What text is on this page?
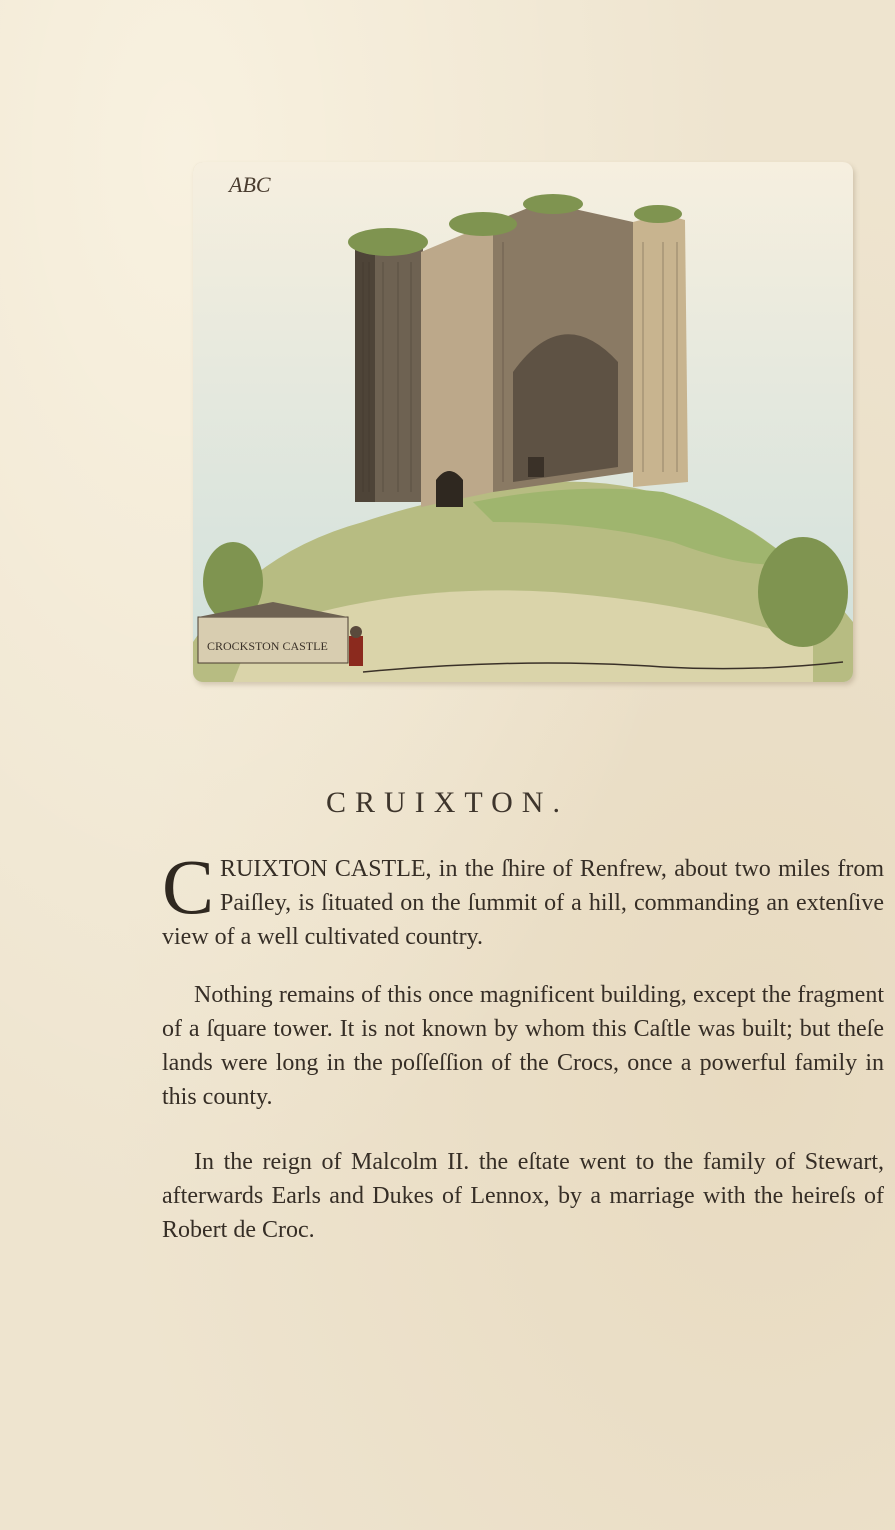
CROCKSTON CASTLE
ABC
CRUIXTON.
CRUIXTON CASTLE, in the ſhire of Renfrew, about two miles from Paiſley, is ſituated on the ſummit of a hill, commanding an extenſive view of a well cultivated country.
Nothing remains of this once magnificent building, except the fragment of a ſquare tower. It is not known by whom this Caſtle was built; but theſe lands were long in the poſſeſſion of the Crocs, once a powerful family in this county.
In the reign of Malcolm II. the eſtate went to the family of Stewart, afterwards Earls and Dukes of Lennox, by a marriage with the heireſs of Robert de Croc.
